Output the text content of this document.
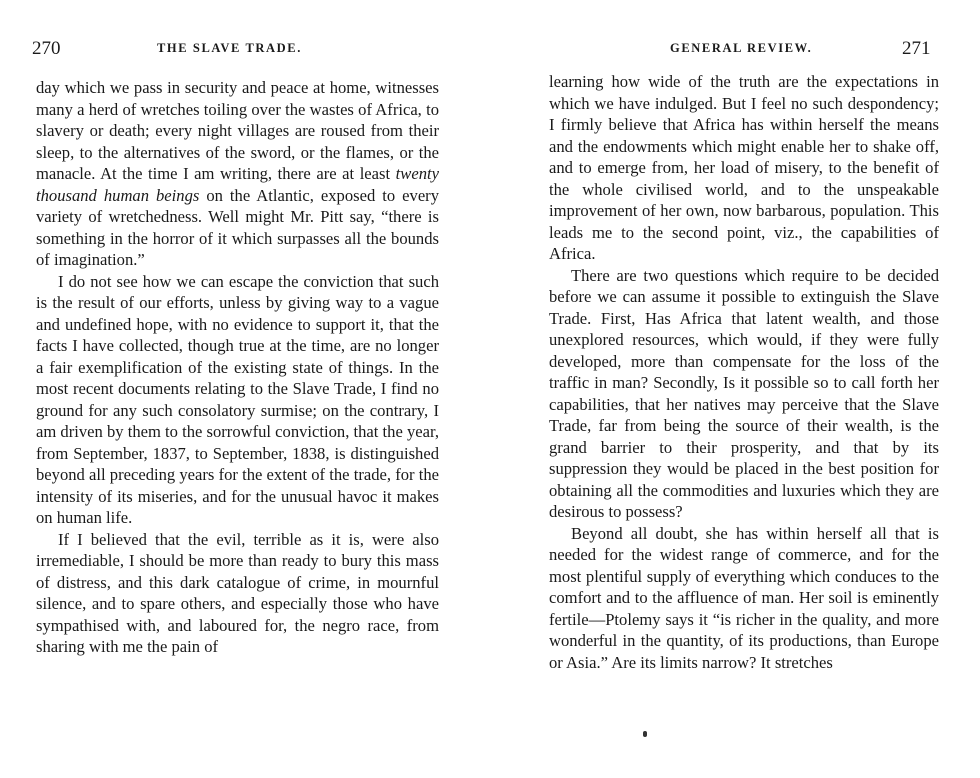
270	THE SLAVE TRADE.

day which we pass in security and peace at home, witnesses many a herd of wretches toiling over the wastes of Africa, to slavery or death; every night villages are roused from their sleep, to the alternatives of the sword, or the flames, or the manacle. At the time I am writing, there are at least twenty thousand human beings on the Atlantic, exposed to every variety of wretchedness. Well might Mr. Pitt say, “there is something in the horror of it which surpasses all the bounds of imagination.”

I do not see how we can escape the conviction that such is the result of our efforts, unless by giving way to a vague and undefined hope, with no evidence to support it, that the facts I have collected, though true at the time, are no longer a fair exemplification of the existing state of things. In the most recent documents relating to the Slave Trade, I find no ground for any such consolatory surmise; on the contrary, I am driven by them to the sorrowful conviction, that the year, from September, 1837, to September, 1838, is distinguished beyond all preceding years for the extent of the trade, for the intensity of its miseries, and for the unusual havoc it makes on human life.

If I believed that the evil, terrible as it is, were also irremediable, I should be more than ready to bury this mass of distress, and this dark catalogue of crime, in mournful silence, and to spare others, and especially those who have sympathised with, and laboured for, the negro race, from sharing with me the pain of

GENERAL REVIEW.	271

learning how wide of the truth are the expectations in which we have indulged. But I feel no such despondency; I firmly believe that Africa has within herself the means and the endowments which might enable her to shake off, and to emerge from, her load of misery, to the benefit of the whole civilised world, and to the unspeakable improvement of her own, now barbarous, population. This leads me to the second point, viz., the capabilities of Africa.

There are two questions which require to be decided before we can assume it possible to extinguish the Slave Trade. First, Has Africa that latent wealth, and those unexplored resources, which would, if they were fully developed, more than compensate for the loss of the traffic in man? Secondly, Is it possible so to call forth her capabilities, that her natives may perceive that the Slave Trade, far from being the source of their wealth, is the grand barrier to their prosperity, and that by its suppression they would be placed in the best position for obtaining all the commodities and luxuries which they are desirous to possess?

Beyond all doubt, she has within herself all that is needed for the widest range of commerce, and for the most plentiful supply of everything which conduces to the comfort and to the affluence of man. Her soil is eminently fertile—Ptolemy says it “is richer in the quality, and more wonderful in the quantity, of its productions, than Europe or Asia.” Are its limits narrow? It stretches
